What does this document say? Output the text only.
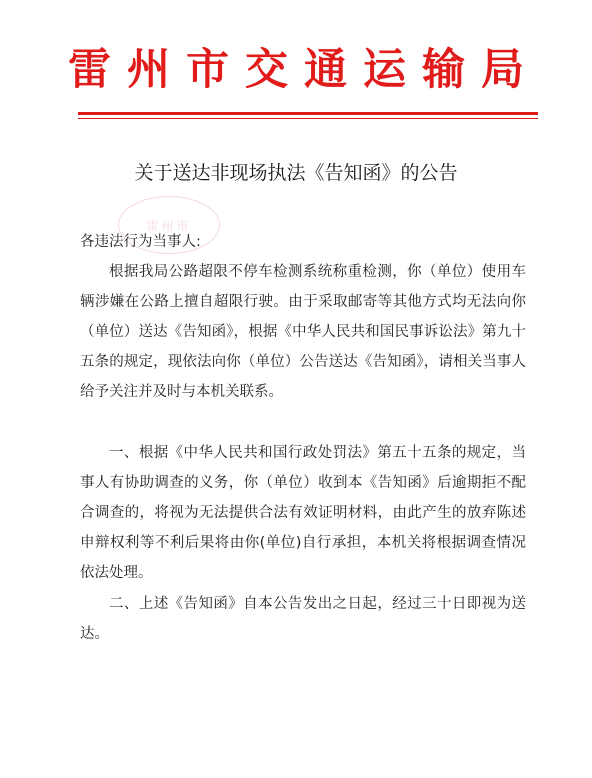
雷州市交通运输局
雷州市
关于送达非现场执法《告知函》的公告

各违法行为当事人:

根据我局公路超限不停车检测系统称重检测，你（单位）使用车辆涉嫌在公路上擅自超限行驶。由于采取邮寄等其他方式均无法向你（单位）送达《告知函》，根据《中华人民共和国民事诉讼法》第九十五条的规定，现依法向你（单位）公告送达《告知函》，请相关当事人给予关注并及时与本机关联系。

一、根据《中华人民共和国行政处罚法》第五十五条的规定，当事人有协助调查的义务，你（单位）收到本《告知函》后逾期拒不配合调查的，将视为无法提供合法有效证明材料，由此产生的放弃陈述申辩权利等不利后果将由你(单位)自行承担，本机关将根据调查情况依法处理。

二、上述《告知函》自本公告发出之日起，经过三十日即视为送达。
